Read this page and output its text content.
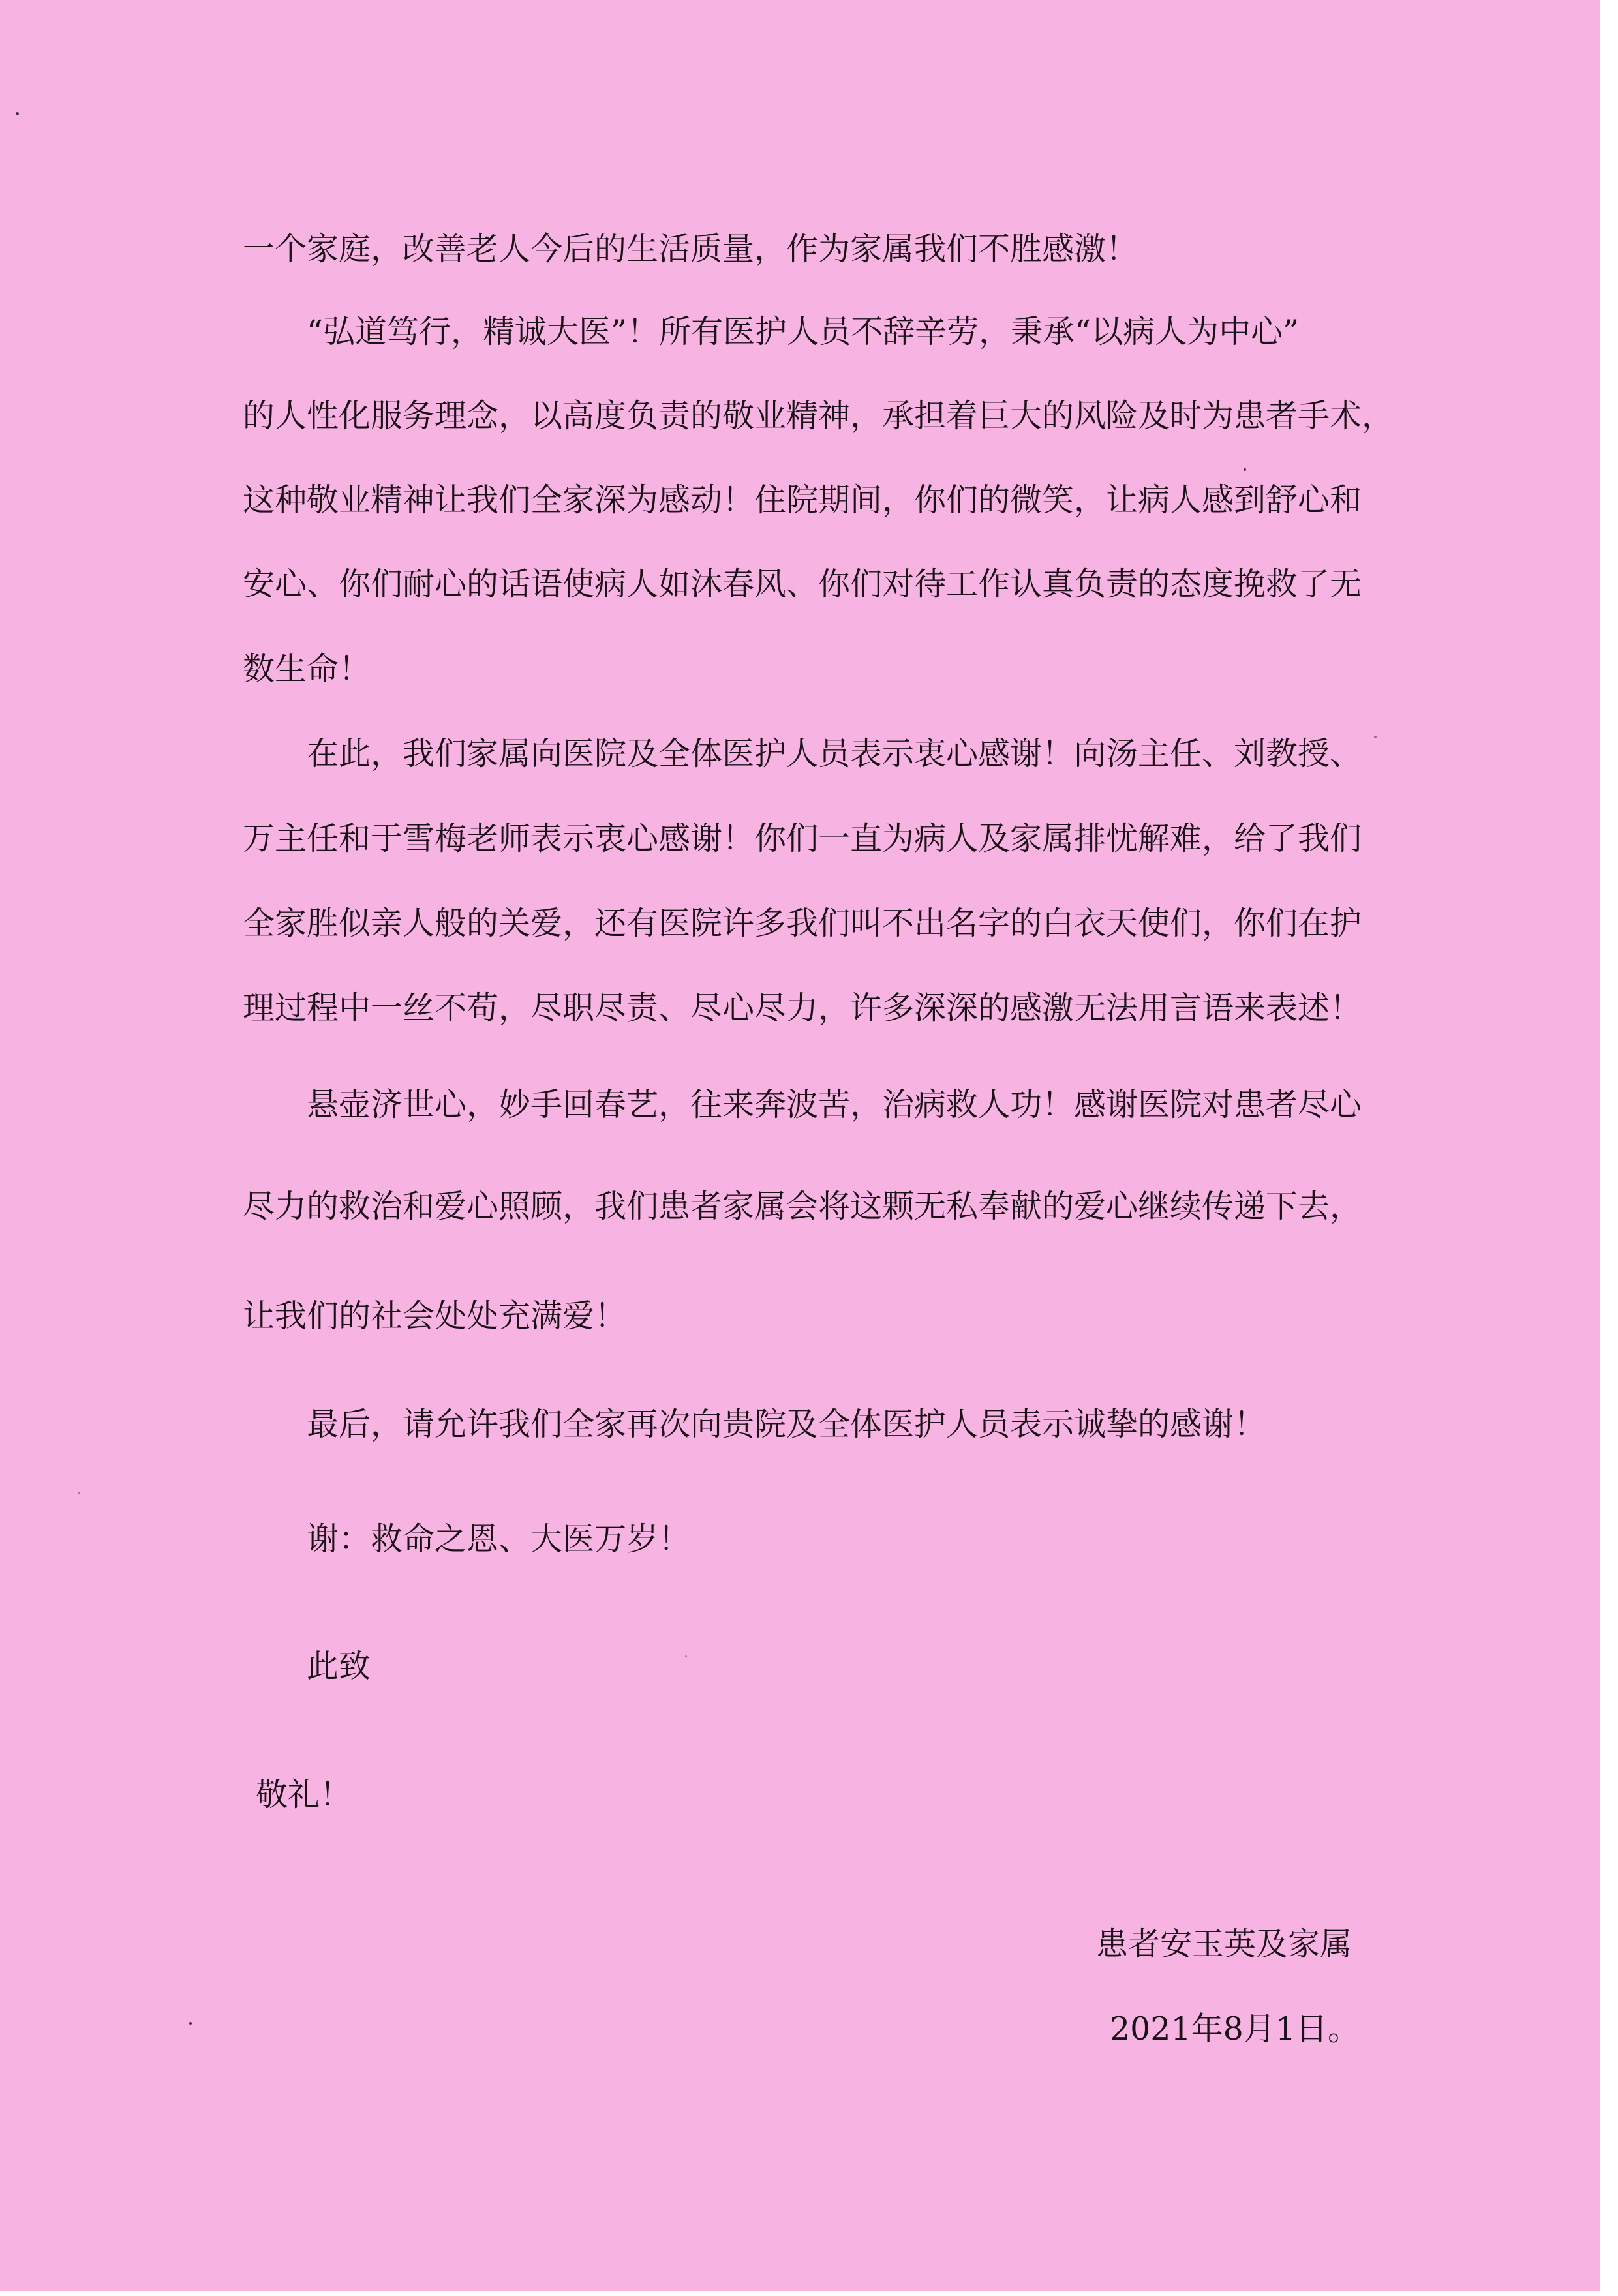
一个家庭，改善老人今后的生活质量，作为家属我们不胜感激！

“弘道笃行，精诚大医”！所有医护人员不辞辛劳，秉承“以病人为中心”

的人性化服务理念，以高度负责的敬业精神，承担着巨大的风险及时为患者手术，

这种敬业精神让我们全家深为感动！住院期间，你们的微笑，让病人感到舒心和

安心、你们耐心的话语使病人如沐春风、你们对待工作认真负责的态度挽救了无

数生命！

在此，我们家属向医院及全体医护人员表示衷心感谢！向汤主任、刘教授、

万主任和于雪梅老师表示衷心感谢！你们一直为病人及家属排忧解难，给了我们

全家胜似亲人般的关爱，还有医院许多我们叫不出名字的白衣天使们，你们在护

理过程中一丝不苟，尽职尽责、尽心尽力，许多深深的感激无法用言语来表述！

悬壶济世心，妙手回春艺，往来奔波苦，治病救人功！感谢医院对患者尽心

尽力的救治和爱心照顾，我们患者家属会将这颗无私奉献的爱心继续传递下去，

让我们的社会处处充满爱！

最后，请允许我们全家再次向贵院及全体医护人员表示诚挚的感谢！

谢：救命之恩、大医万岁！

此致

敬礼！

患者安玉英及家属

2021年8月1日。
